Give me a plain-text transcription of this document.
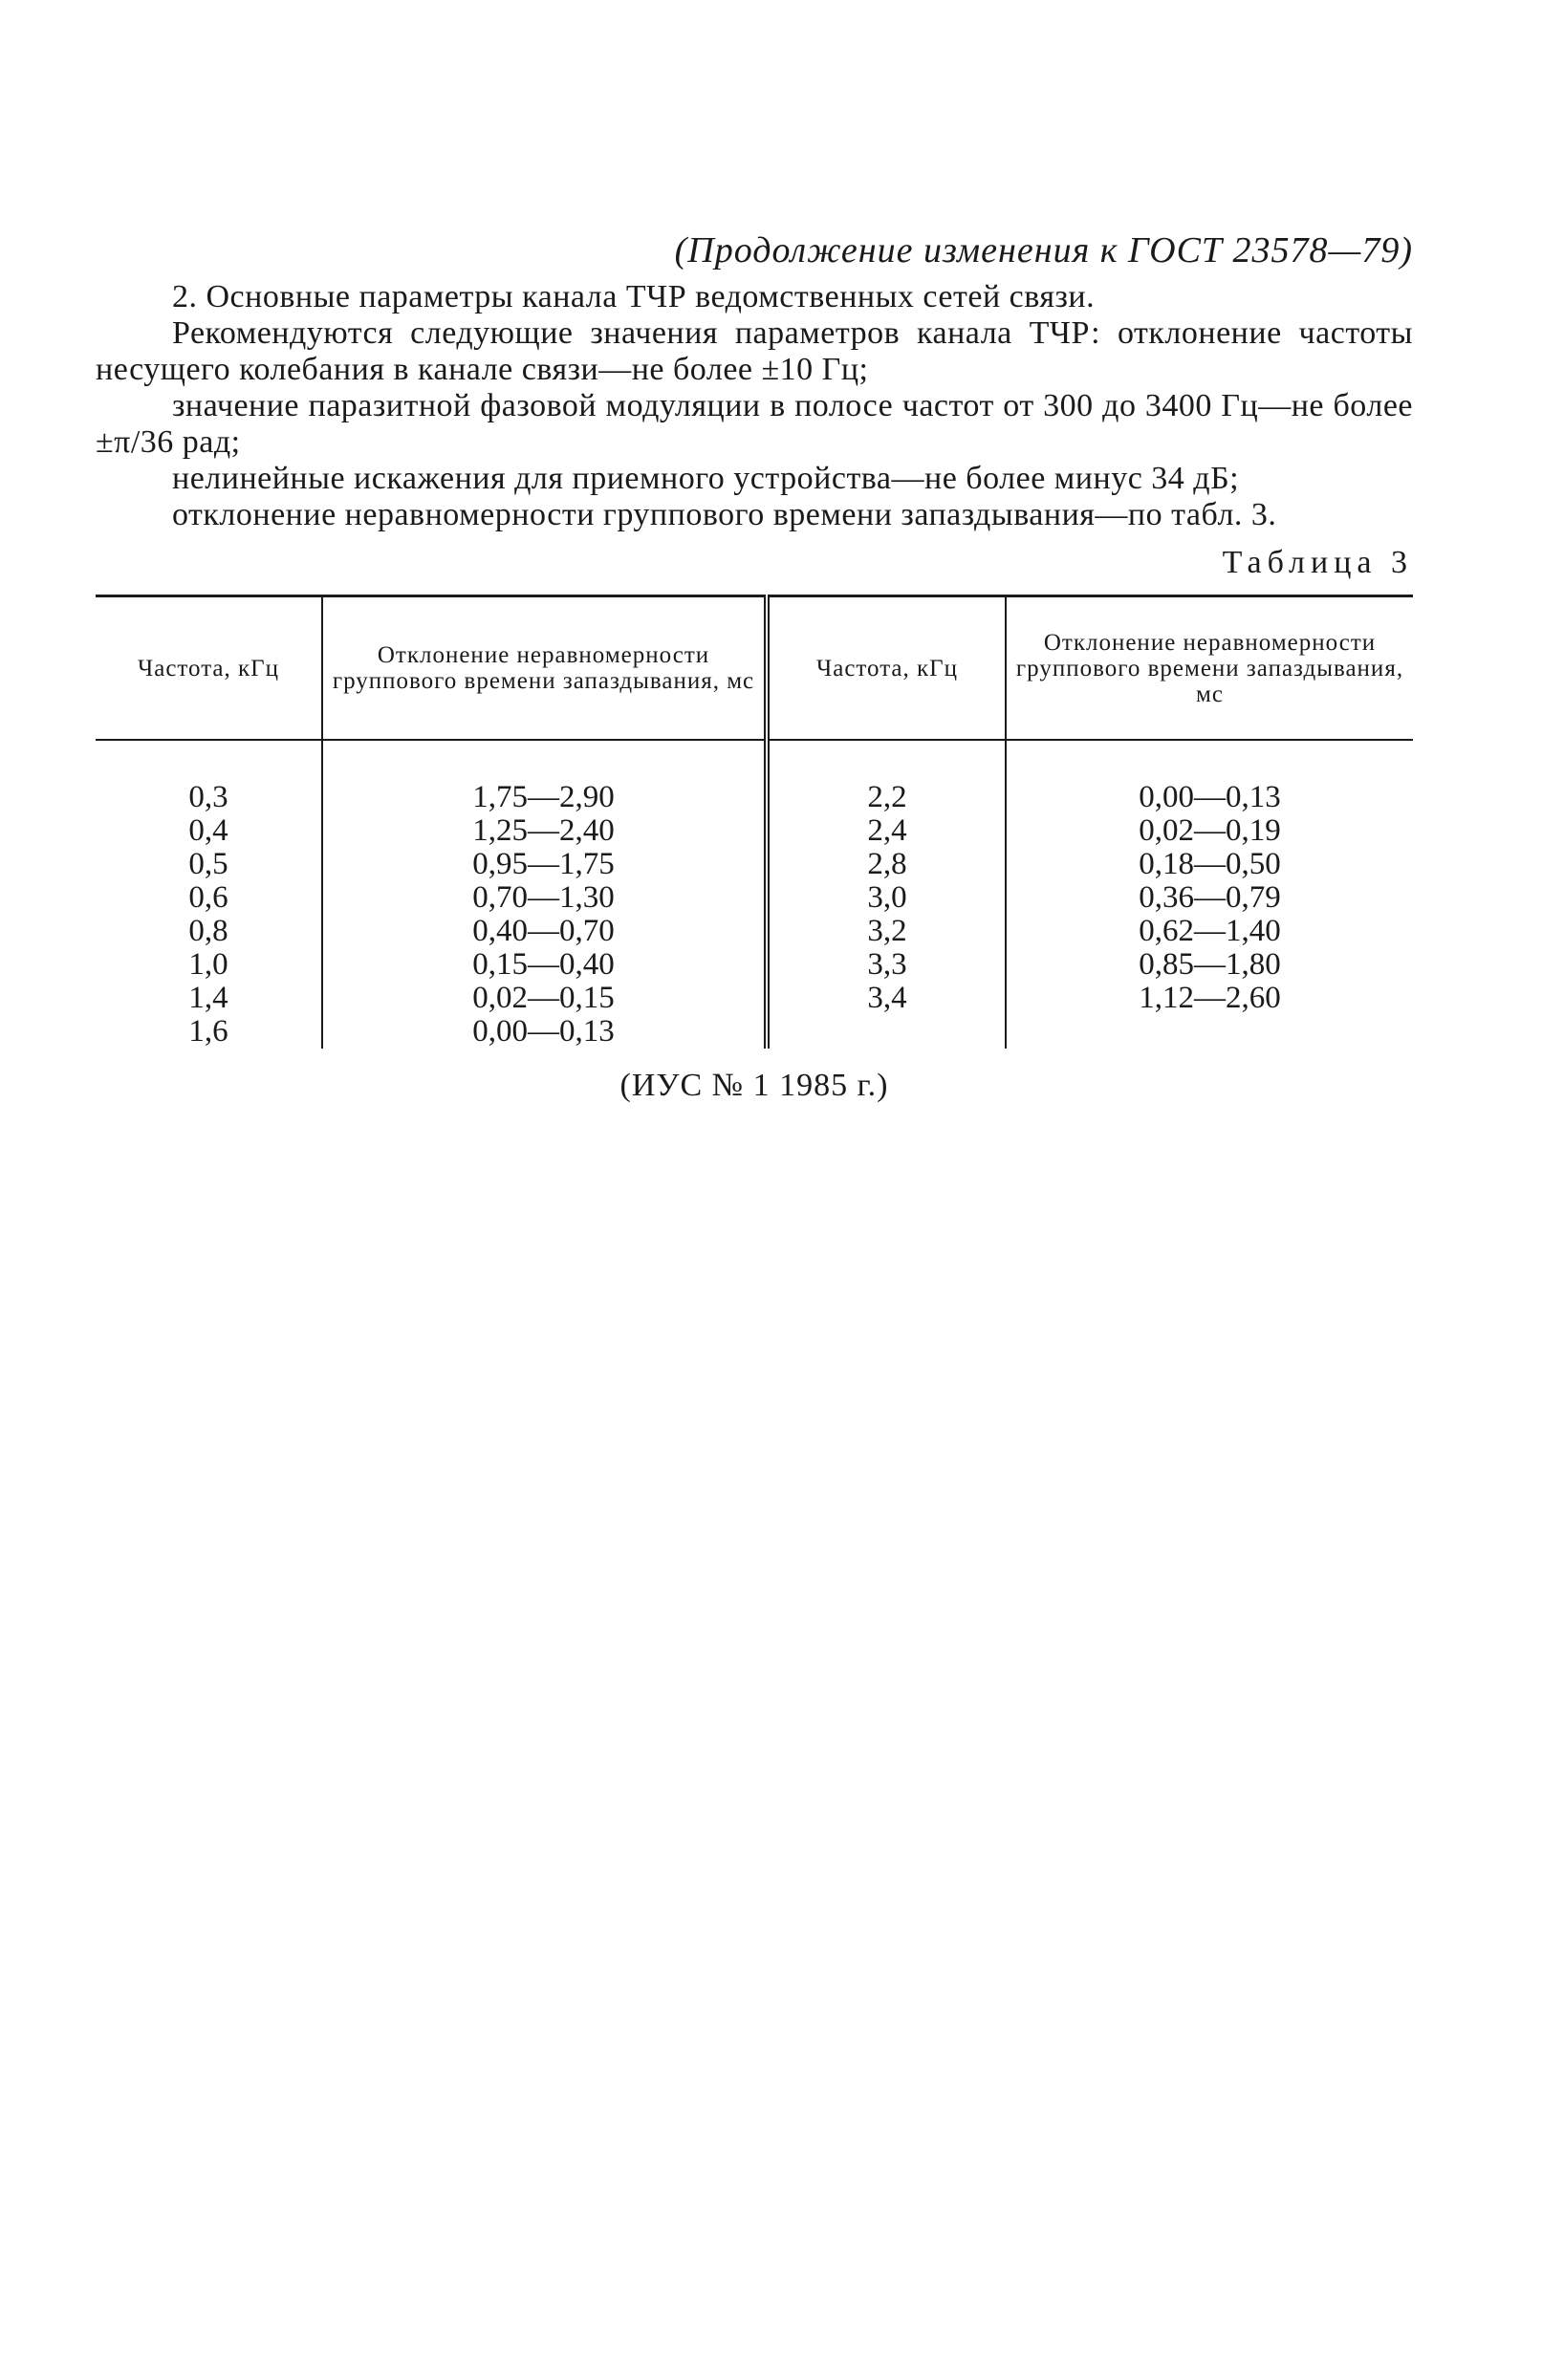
(Продолжение изменения к ГОСТ 23578—79)

2. Основные параметры канала ТЧР ведомственных сетей связи.

Рекомендуются следующие значения параметров канала ТЧР: отклонение частоты несущего колебания в канале связи—не более ±10 Гц;

значение паразитной фазовой модуляции в полосе частот от 300 до 3400 Гц—не более ±π/36 рад;

нелинейные искажения для приемного устройства—не более минус 34 дБ;

отклонение неравномерности группового времени запаздывания—по табл. 3.

Таблица 3
Частота, кГц	Отклонение неравномерности группового времени запаздывания, мс	Частота, кГц	Отклонение неравномерности группового времени запаздывания, мс
0,3	1,75—2,90	2,2	0,00—0,13
0,4	1,25—2,40	2,4	0,02—0,19
0,5	0,95—1,75	2,8	0,18—0,50
0,6	0,70—1,30	3,0	0,36—0,79
0,8	0,40—0,70	3,2	0,62—1,40
1,0	0,15—0,40	3,3	0,85—1,80
1,4	0,02—0,15	3,4	1,12—2,60
1,6	0,00—0,13		
(ИУС № 1 1985 г.)
